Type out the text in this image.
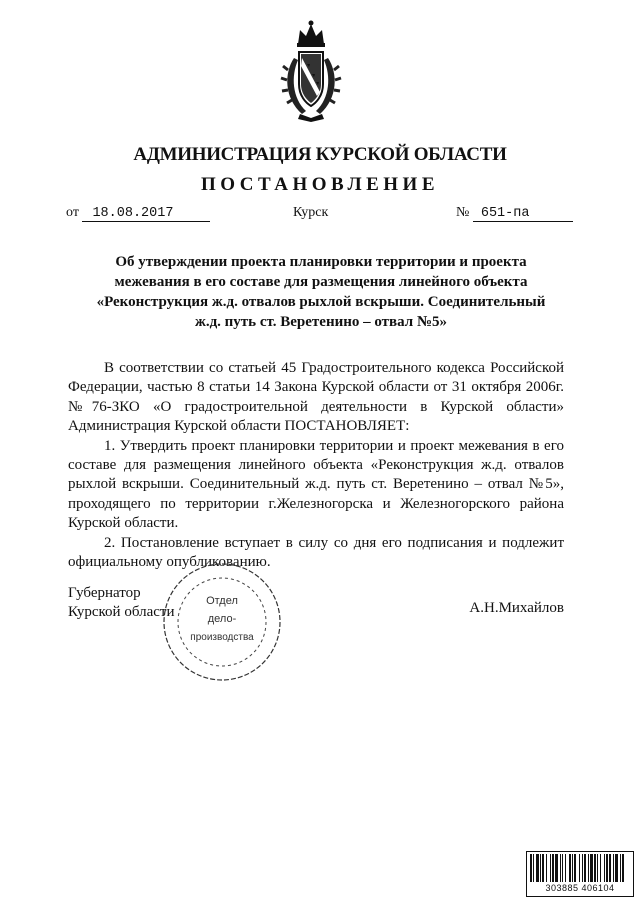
АДМИНИСТРАЦИЯ КУРСКОЙ ОБЛАСТИ
ПОСТАНОВЛЕНИЕ
от 18.08.2017	Курск	№ 651-па
Об утверждении проекта планировки территории и проекта
межевания в его составе для размещения линейного объекта
«Реконструкция ж.д. отвалов рыхлой вскрыши. Соединительный
ж.д. путь ст. Веретенино – отвал №5»

В соответствии со статьей 45 Градостроительного кодекса Российской Федерации, частью 8 статьи 14 Закона Курской области от 31 октября 2006г. №76-ЗКО «О градостроительной деятельности в Курской области» Администрация Курской области ПОСТАНОВЛЯЕТ:

1. Утвердить проект планировки территории и проект межевания в его составе для размещения линейного объекта «Реконструкция ж.д. отвалов рыхлой вскрыши. Соединительный ж.д. путь ст. Веретенино – отвал №5», проходящего по территории г.Железногорска и Железногорского района Курской области.

2. Постановление вступает в силу со дня его подписания и подлежит официальному опубликованию.

Губернатор
Курской области
Отдел
дело-
производства
А.Н.Михайлов
303885 406104
